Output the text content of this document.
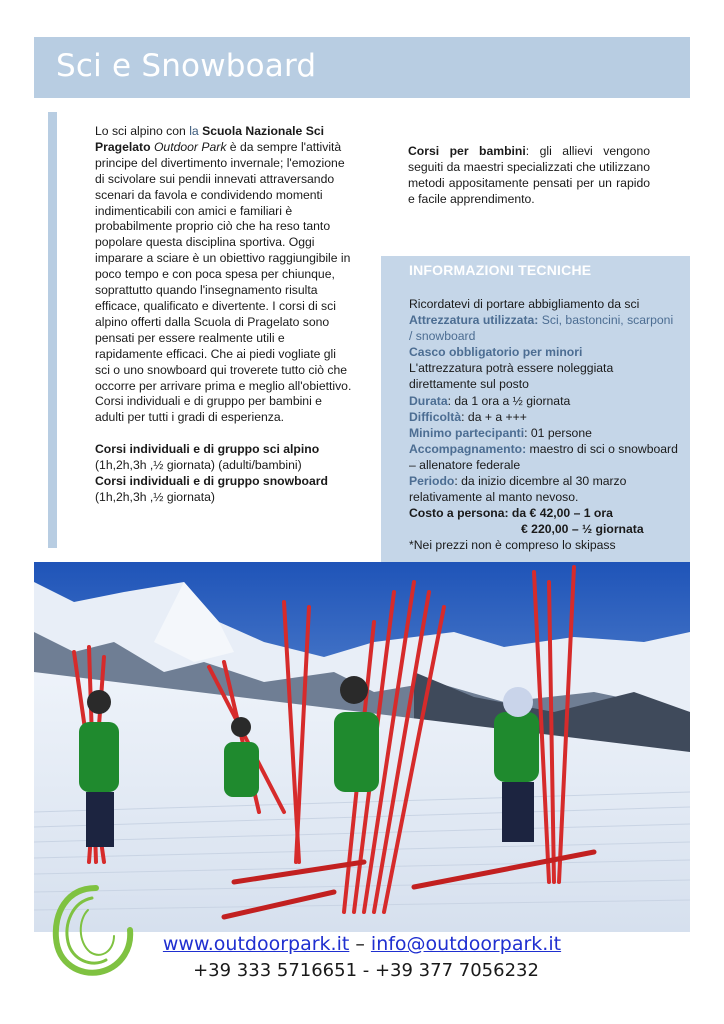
Sci e Snowboard

Lo sci alpino con la Scuola Nazionale Sci Pragelato Outdoor Park è da sempre l'attività principe del divertimento invernale; l'emozione di scivolare sui pendii innevati attraversando scenari da favola e condividendo momenti indimenticabili con amici e familiari è probabilmente proprio ciò che ha reso tanto popolare questa disciplina sportiva. Oggi imparare a sciare è un obiettivo raggiungibile in poco tempo e con poca spesa per chiunque, soprattutto quando l'insegnamento risulta efficace, qualificato e divertente. I corsi di sci alpino offerti dalla Scuola di Pragelato sono pensati per essere realmente utili e rapidamente efficaci. Che ai piedi vogliate gli sci o uno snowboard qui troverete tutto ciò che occorre per arrivare prima e meglio all'obiettivo.

Corsi individuali e di gruppo per bambini e adulti per tutti i gradi di esperienza.

Corsi individuali e di gruppo sci alpino

(1h,2h,3h ,½ giornata) (adulti/bambini)

Corsi individuali e di gruppo snowboard

(1h,2h,3h ,½ giornata)

Corsi per bambini: gli allievi vengono seguiti da maestri specializzati che utilizzano metodi appositamente pensati per un rapido e facile apprendimento.
INFORMAZIONI TECNICHE
Ricordatevi di portare abbigliamento da sci
Attrezzatura utilizzata: Sci, bastoncini, scarponi / snowboard
Casco obbligatorio per minori
L'attrezzatura potrà essere noleggiata direttamente sul posto
Durata: da 1 ora a ½ giornata
Difficoltà: da + a +++
Minimo partecipanti: 01 persone
Accompagnamento: maestro di sci o snowboard – allenatore federale
Periodo: da inizio dicembre al 30 marzo relativamente al manto nevoso.
Costo a persona: da € 42,00 – 1 ora
€ 220,00 – ½ giornata
*Nei prezzi non è compreso lo skipass
www.outdoorpark.it – info@outdoorpark.it
+39 333 5716651 - +39 377 7056232
